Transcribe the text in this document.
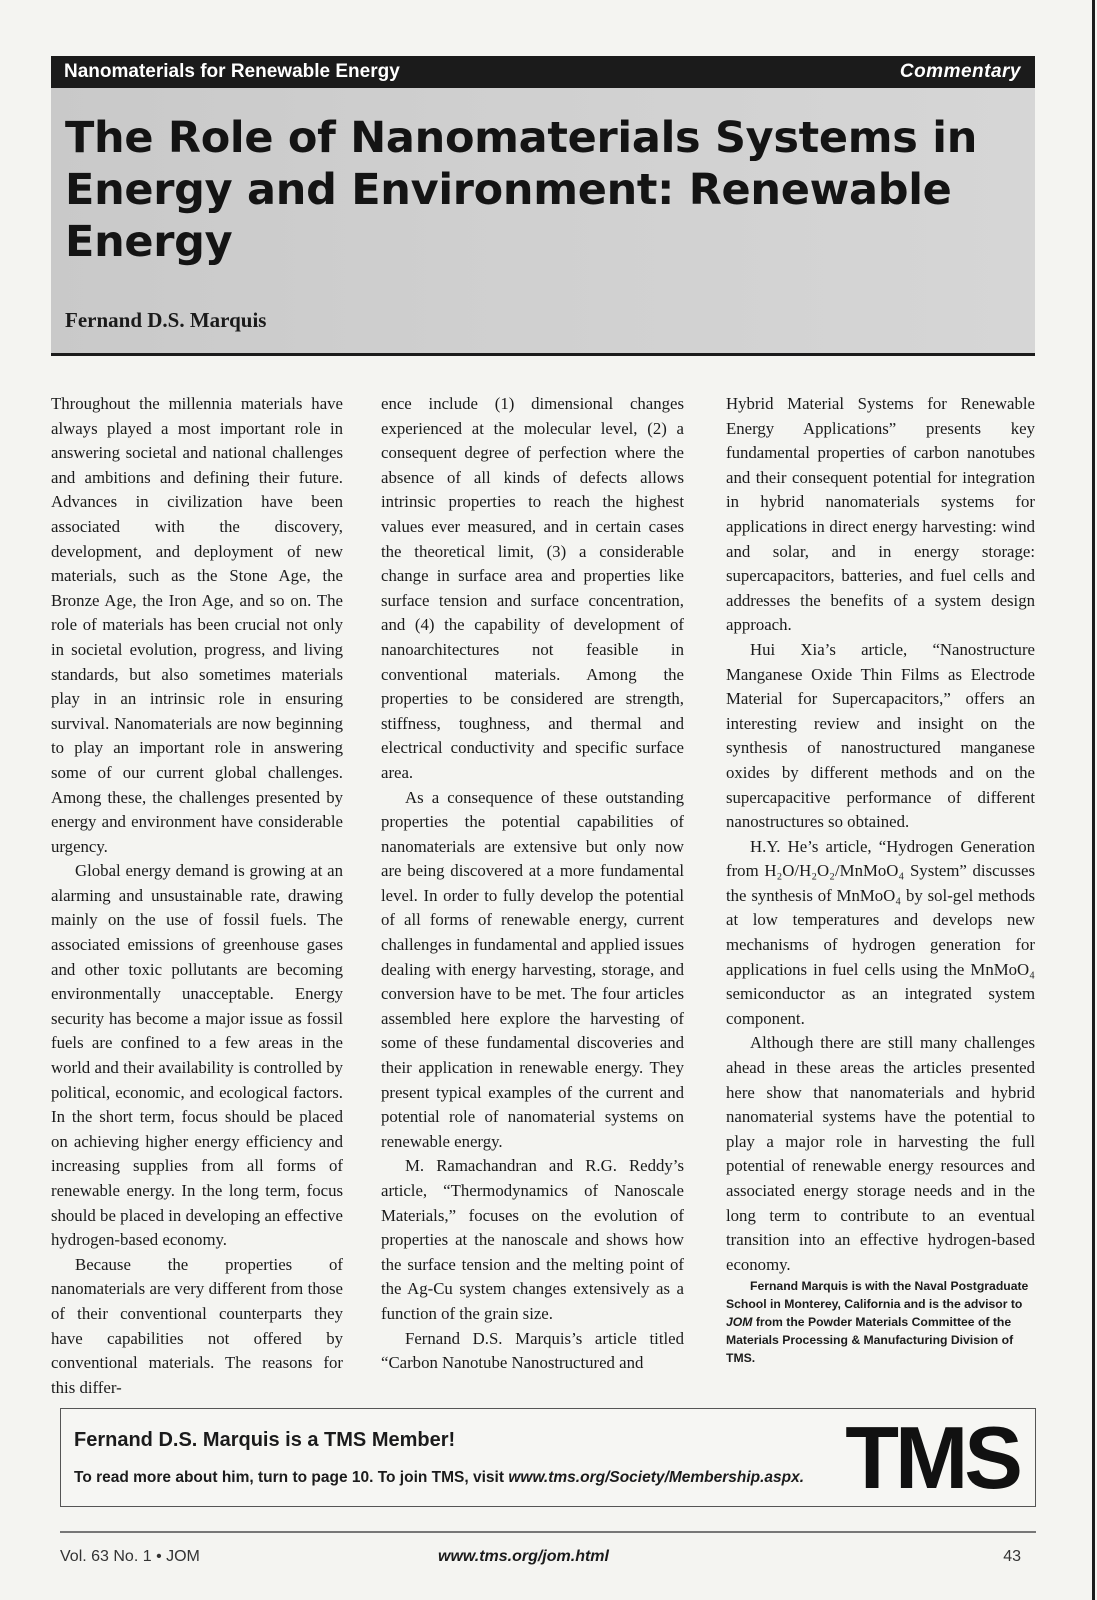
Nanomaterials for Renewable Energy	Commentary
The Role of Nanomaterials Systems in Energy and Environment: Renewable Energy
Fernand D.S. Marquis

Throughout the millennia materials have always played a most important role in answering societal and national challenges and ambitions and defining their future. Advances in civilization have been associated with the discovery, development, and deployment of new materials, such as the Stone Age, the Bronze Age, the Iron Age, and so on. The role of materials has been crucial not only in societal evolution, progress, and living standards, but also sometimes materials play in an intrinsic role in ensuring survival. Nanomaterials are now beginning to play an important role in answering some of our current global challenges. Among these, the challenges presented by energy and environment have considerable urgency.

Global energy demand is growing at an alarming and unsustainable rate, drawing mainly on the use of fossil fuels. The associated emissions of greenhouse gases and other toxic pollutants are becoming environmentally unacceptable. Energy security has become a major issue as fossil fuels are confined to a few areas in the world and their availability is controlled by political, economic, and ecological factors. In the short term, focus should be placed on achieving higher energy efficiency and increasing supplies from all forms of renewable energy. In the long term, focus should be placed in developing an effective hydrogen-based economy.

Because the properties of nanomaterials are very different from those of their conventional counterparts they have capabilities not offered by conventional materials. The reasons for this differ-

ence include (1) dimensional changes experienced at the molecular level, (2) a consequent degree of perfection where the absence of all kinds of defects allows intrinsic properties to reach the highest values ever measured, and in certain cases the theoretical limit, (3) a considerable change in surface area and properties like surface tension and surface concentration, and (4) the capability of development of nanoarchitectures not feasible in conventional materials. Among the properties to be considered are strength, stiffness, toughness, and thermal and electrical conductivity and specific surface area.

As a consequence of these outstanding properties the potential capabilities of nanomaterials are extensive but only now are being discovered at a more fundamental level. In order to fully develop the potential of all forms of renewable energy, current challenges in fundamental and applied issues dealing with energy harvesting, storage, and conversion have to be met. The four articles assembled here explore the harvesting of some of these fundamental discoveries and their application in renewable energy. They present typical examples of the current and potential role of nanomaterial systems on renewable energy.

M. Ramachandran and R.G. Reddy’s article, “Thermodynamics of Nanoscale Materials,” focuses on the evolution of properties at the nanoscale and shows how the surface tension and the melting point of the Ag-Cu system changes extensively as a function of the grain size.

Fernand D.S. Marquis’s article titled “Carbon Nanotube Nanostructured and

Hybrid Material Systems for Renewable Energy Applications” presents key fundamental properties of carbon nanotubes and their consequent potential for integration in hybrid nanomaterials systems for applications in direct energy harvesting: wind and solar, and in energy storage: supercapacitors, batteries, and fuel cells and addresses the benefits of a system design approach.

Hui Xia’s article, “Nanostructure Manganese Oxide Thin Films as Electrode Material for Supercapacitors,” offers an interesting review and insight on the synthesis of nanostructured manganese oxides by different methods and on the supercapacitive performance of different nanostructures so obtained.

H.Y. He’s article, “Hydrogen Generation from H₂O/H₂O₂/MnMoO₄ System” discusses the synthesis of MnMoO₄ by sol-gel methods at low temperatures and develops new mechanisms of hydrogen generation for applications in fuel cells using the MnMoO₄ semiconductor as an integrated system component.

Although there are still many challenges ahead in these areas the articles presented here show that nanomaterials and hybrid nanomaterial systems have the potential to play a major role in harvesting the full potential of renewable energy resources and associated energy storage needs and in the long term to contribute to an eventual transition into an effective hydrogen-based economy.

Fernand Marquis is with the Naval Postgraduate School in Monterey, California and is the advisor to JOM from the Powder Materials Committee of the Materials Processing & Manufacturing Division of TMS.

Fernand D.S. Marquis is a TMS Member!
To read more about him, turn to page 10. To join TMS, visit www.tms.org/Society/Membership.aspx. TMS
Vol. 63 No. 1 • JOM	www.tms.org/jom.html	43
